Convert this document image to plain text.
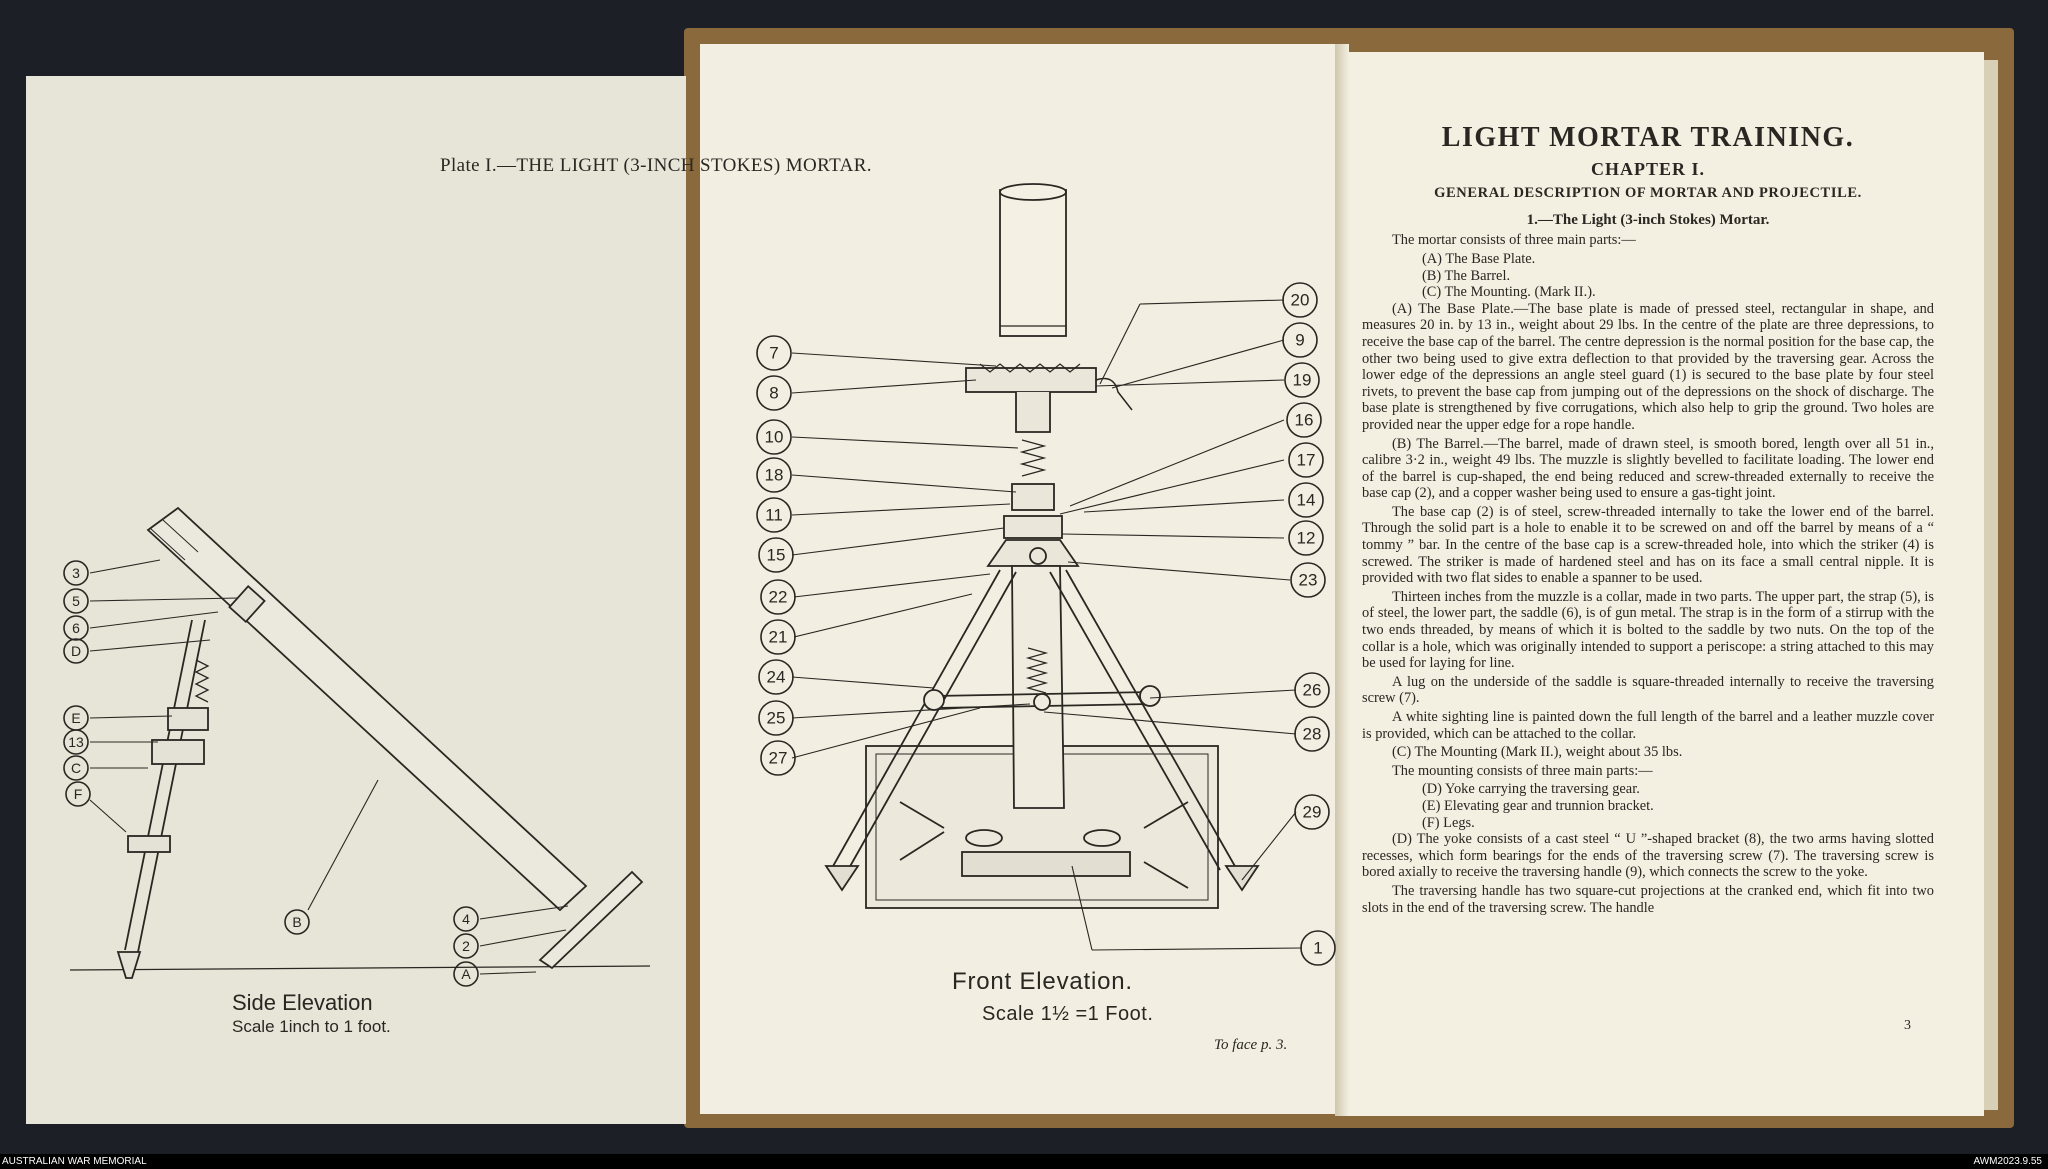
Plate I.—THE LIGHT (3-INCH STOKES) MORTAR.
3
5
6
D
E
13
C
F
B	4
2
A
7
8
10
18
11
15
22
21
24
25
27
20
9
19
16
17
14
12
23
26
28
29
1
Side Elevation
Scale 1inch to 1 foot.
Front Elevation.
Scale 1½ =1 Foot.
To face p. 3.
LIGHT MORTAR TRAINING.
CHAPTER I.
GENERAL DESCRIPTION OF MORTAR AND PROJECTILE.
1.—The Light (3-inch Stokes) Mortar.
The mortar consists of three main parts:—
(A) The Base Plate.
(B) The Barrel.
(C) The Mounting. (Mark II.).
(A) The Base Plate.—The base plate is made of pressed steel, rectangular in shape, and measures 20 in. by 13 in., weight about 29 lbs. In the centre of the plate are three depressions, to receive the base cap of the barrel. The centre depression is the normal position for the base cap, the other two being used to give extra deflection to that provided by the traversing gear. Across the lower edge of the depressions an angle steel guard (1) is secured to the base plate by four steel rivets, to prevent the base cap from jumping out of the depressions on the shock of discharge. The base plate is strengthened by five corrugations, which also help to grip the ground. Two holes are provided near the upper edge for a rope handle.
(B) The Barrel.—The barrel, made of drawn steel, is smooth bored, length over all 51 in., calibre 3·2 in., weight 49 lbs. The muzzle is slightly bevelled to facilitate loading. The lower end of the barrel is cup-shaped, the end being reduced and screw-threaded externally to receive the base cap (2), and a copper washer being used to ensure a gas-tight joint.
The base cap (2) is of steel, screw-threaded internally to take the lower end of the barrel. Through the solid part is a hole to enable it to be screwed on and off the barrel by means of a “ tommy ” bar. In the centre of the base cap is a screw-threaded hole, into which the striker (4) is screwed. The striker is made of hardened steel and has on its face a small central nipple. It is provided with two flat sides to enable a spanner to be used.
Thirteen inches from the muzzle is a collar, made in two parts. The upper part, the strap (5), is of steel, the lower part, the saddle (6), is of gun metal. The strap is in the form of a stirrup with the two ends threaded, by means of which it is bolted to the saddle by two nuts. On the top of the collar is a hole, which was originally intended to support a periscope: a string attached to this may be used for laying for line.
A lug on the underside of the saddle is square-threaded internally to receive the traversing screw (7).
A white sighting line is painted down the full length of the barrel and a leather muzzle cover is provided, which can be attached to the collar.
(C) The Mounting (Mark II.), weight about 35 lbs.
The mounting consists of three main parts:—
(D) Yoke carrying the traversing gear.
(E) Elevating gear and trunnion bracket.
(F) Legs.
(D) The yoke consists of a cast steel “ U ”-shaped bracket (8), the two arms having slotted recesses, which form bearings for the ends of the traversing screw (7). The traversing screw is bored axially to receive the traversing handle (9), which connects the screw to the yoke.
The traversing handle has two square-cut projections at the cranked end, which fit into two slots in the end of the traversing screw. The handle
3
AUSTRALIAN WAR MEMORIAL	AWM2023.9.55
